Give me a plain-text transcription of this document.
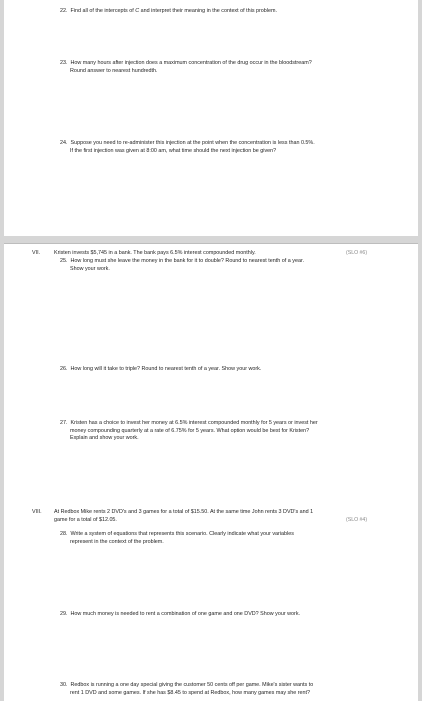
22. Find all of the intercepts of C and interpret their meaning in the context of this problem.
23. How many hours after injection does a maximum concentration of the drug occur in the bloodstream?
Round answer to nearest hundredth.
24. Suppose you need to re-administer this injection at the point when the concentration is less than 0.5%.
If the first injection was given at 8:00 am, what time should the next injection be given?
VII.	Kristen invests $5,745 in a bank. The bank pays 6.5% interest compounded monthly.	(SLO #6)
25. How long must she leave the money in the bank for it to double? Round to nearest tenth of a year.
Show your work.
26. How long will it take to triple? Round to nearest tenth of a year. Show your work.
27. Kristen has a choice to invest her money at 6.5% interest compounded monthly for 5 years or invest her
money compounding quarterly at a rate of 6.75% for 5 years. What option would be best for Kristen?
Explain and show your work.
VIII. At Redbox Mike rents 2 DVD's and 3 games for a total of $15.50. At the same time John rents 3 DVD's and 1
game for a total of $12.05.	(SLO #4)
28. Write a system of equations that represents this scenario. Clearly indicate what your variables
represent in the context of the problem.
29. How much money is needed to rent a combination of one game and one DVD? Show your work.
30. Redbox is running a one day special giving the customer 50 cents off per game. Mike's sister wants to
rent 1 DVD and some games. If she has $8.45 to spend at Redbox, how many games may she rent?
